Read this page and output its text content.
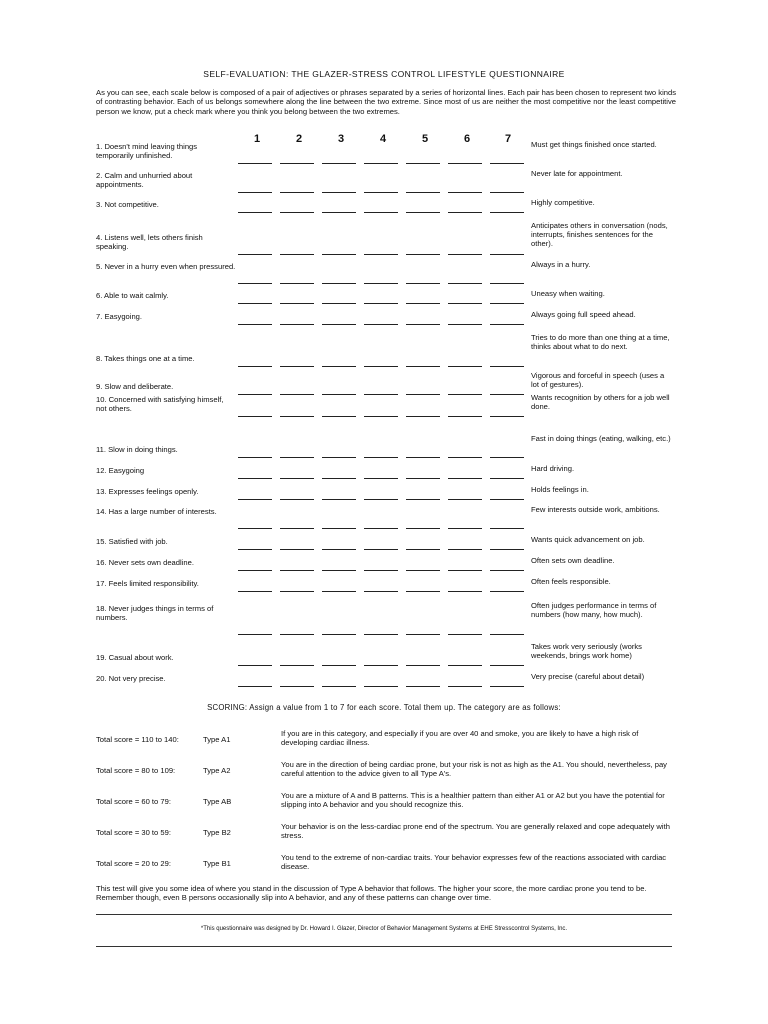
SELF-EVALUATION: THE GLAZER-STRESS CONTROL LIFESTYLE QUESTIONNAIRE
As you can see, each scale below is composed of a pair of adjectives or phrases separated by a series of horizontal lines. Each pair has been chosen to represent two kinds of contrasting behavior. Each of us belongs somewhere along the line between the two extreme. Since most of us are neither the most competitive nor the least competitive person we know, put a check mark where you think you belong between the two extremes.
1	2	3	4	5	6	7
1. Doesn't mind leaving things temporarily unfinished.
Must get things finished once started.
2. Calm and unhurried about appointments.
Never late for appointment.
3. Not competitive.	Highly competitive.
4. Listens well, lets others finish speaking.
Anticipates others in conversation (nods, interrupts, finishes sentences for the other).
5. Never in a hurry even when pressured.	Always in a hurry.
6. Able to wait calmly.	Uneasy when waiting.
7. Easygoing.	Always going full speed ahead.
8. Takes things one at a time.
Tries to do more than one thing at a time, thinks about what to do next.
9. Slow and deliberate.
Vigorous and forceful in speech (uses a lot of gestures).
10. Concerned with satisfying himself, not others.
Wants recognition by others for a job well done.
11. Slow in doing things.
Fast in doing things (eating, walking, etc.)
12. Easygoing	Hard driving.
13. Expresses feelings openly.	Holds feelings in.
14. Has a large number of interests.	Few interests outside work, ambitions.
15. Satisfied with job.	Wants quick advancement on job.
16. Never sets own deadline.	Often sets own deadline.
17. Feels limited responsibility.	Often feels responsible.
18. Never judges things in terms of numbers.
Often judges performance in terms of numbers (how many, how much).
19. Casual about work.
Takes work very seriously (works weekends, brings work home)
20. Not very precise.	Very precise (careful about detail)
SCORING: Assign a value from 1 to 7 for each score. Total them up. The category are as follows:
Total score = 110 to 140:	Type A1
If you are in this category, and especially if you are over 40 and smoke, you are likely to have a high risk of developing cardiac illness.
Total score = 80 to 109:	Type A2
You are in the direction of being cardiac prone, but your risk is not as high as the A1. You should, nevertheless, pay careful attention to the advice given to all Type A's.
Total score = 60 to 79:	Type AB
You are a mixture of A and B patterns. This is a healthier pattern than either A1 or A2 but you have the potential for slipping into A behavior and you should recognize this.
Total score = 30 to 59:	Type B2
Your behavior is on the less-cardiac prone end of the spectrum. You are generally relaxed and cope adequately with stress.
Total score = 20 to 29:	Type B1
You tend to the extreme of non-cardiac traits. Your behavior expresses few of the reactions associated with cardiac disease.
This test will give you some idea of where you stand in the discussion of Type A behavior that follows. The higher your score, the more cardiac prone you tend to be. Remember though, even B persons occasionally slip into A behavior, and any of these patterns can change over time.
*This questionnaire was designed by Dr. Howard I. Glazer, Director of Behavior Management Systems at EHE Stresscontrol Systems, Inc.
